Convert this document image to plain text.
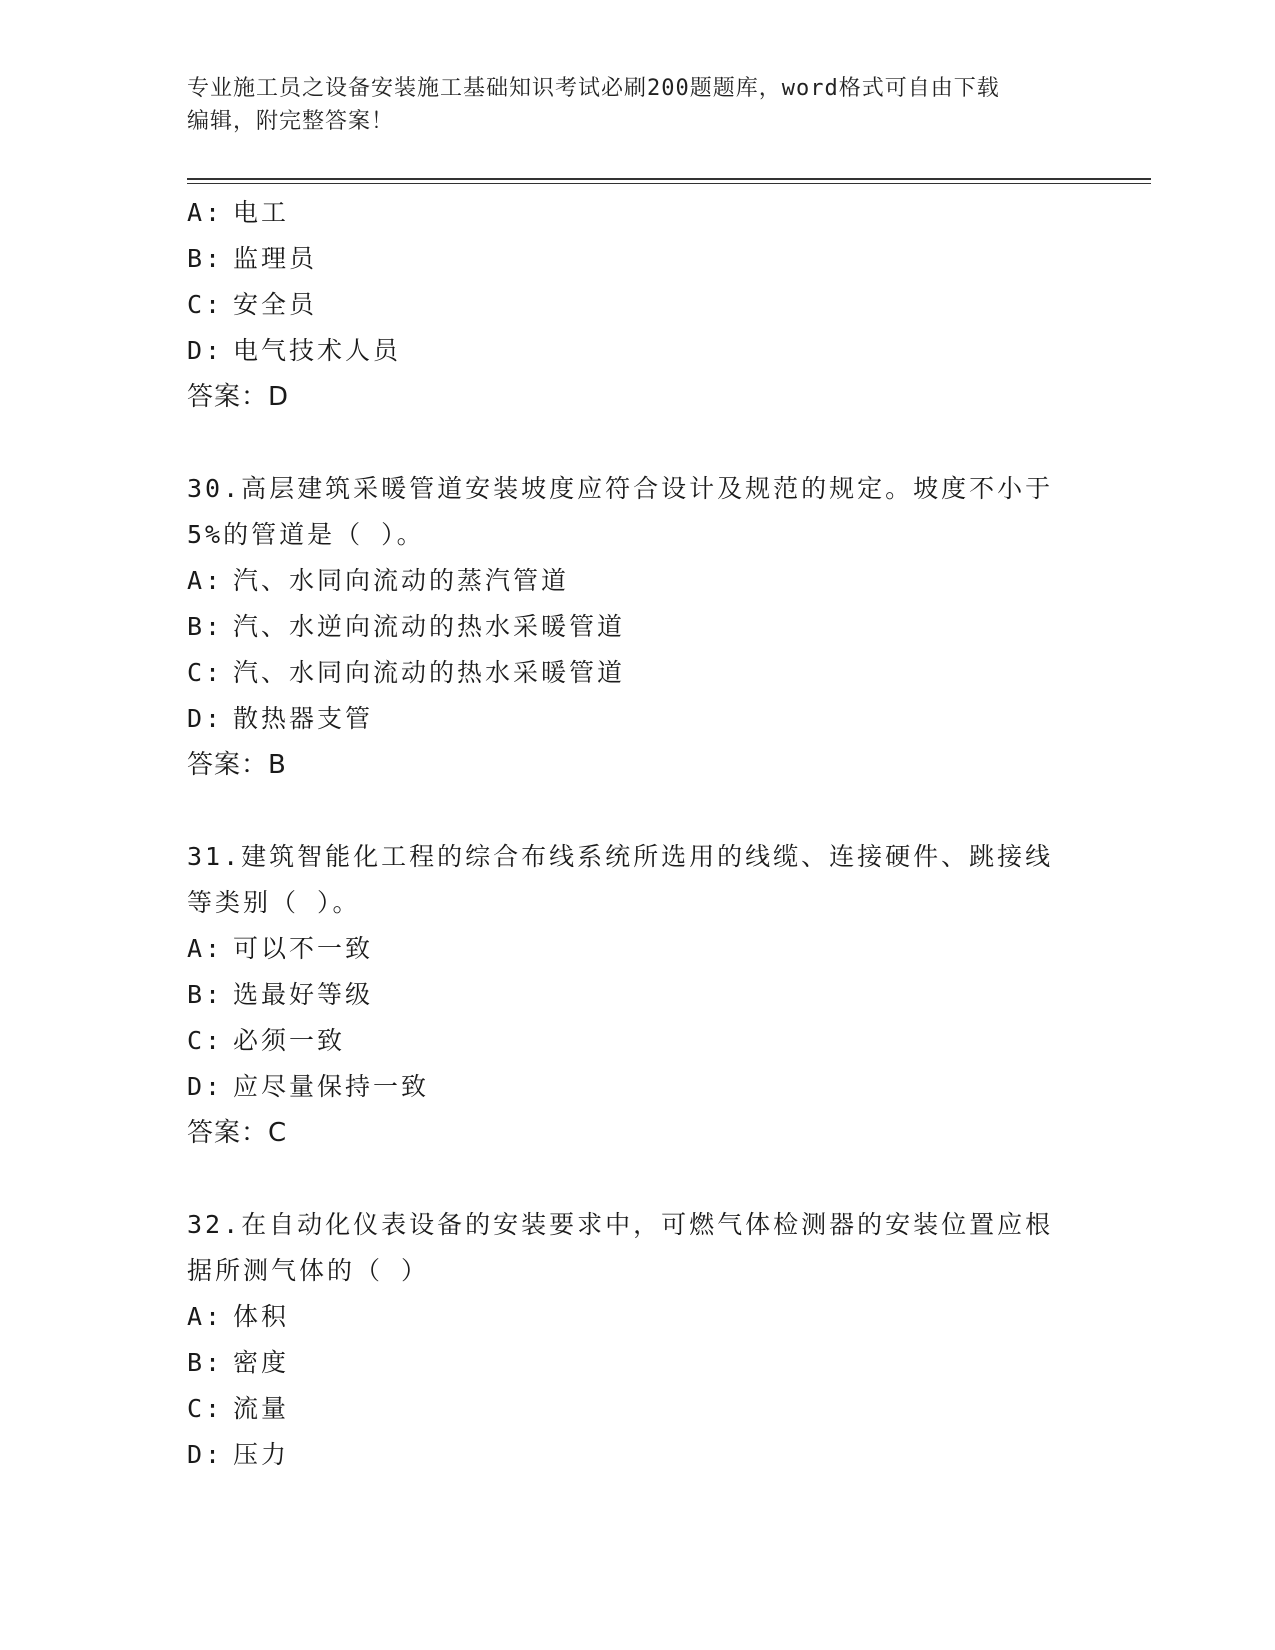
专业施工员之设备安装施工基础知识考试必刷200题题库，word格式可自由下载
编辑，附完整答案！
A: 电工
B: 监理员
C: 安全员
D: 电气技术人员
答案：D
30.高层建筑采暖管道安装坡度应符合设计及规范的规定。坡度不小于
5%的管道是（ ）。
A: 汽、水同向流动的蒸汽管道
B: 汽、水逆向流动的热水采暖管道
C: 汽、水同向流动的热水采暖管道
D: 散热器支管
答案：B
31.建筑智能化工程的综合布线系统所选用的线缆、连接硬件、跳接线
等类别（ ）。
A: 可以不一致
B: 选最好等级
C: 必须一致
D: 应尽量保持一致
答案：C
32.在自动化仪表设备的安装要求中，可燃气体检测器的安装位置应根
据所测气体的（ ）
A: 体积
B: 密度
C: 流量
D: 压力
